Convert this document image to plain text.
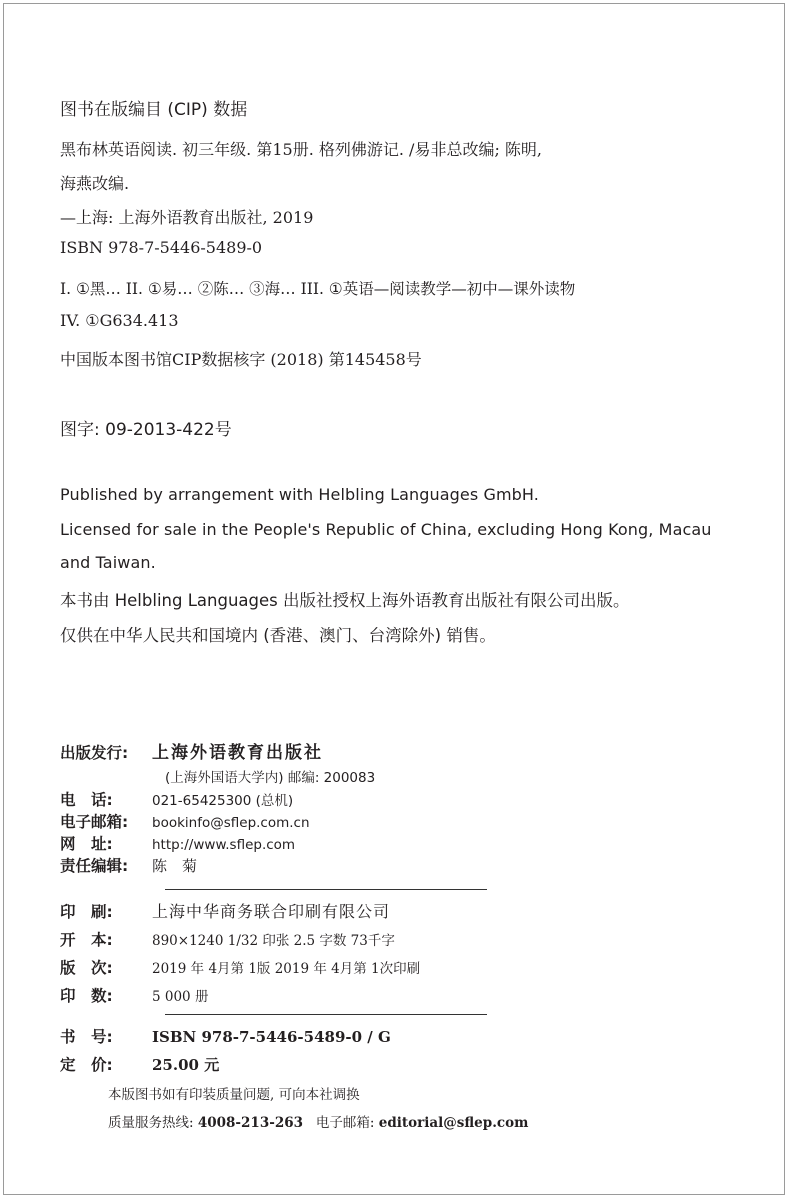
图书在版编目 (CIP) 数据
黑布林英语阅读. 初三年级. 第15册. 格列佛游记. /易非总改编; 陈明,
海燕改编.
—上海: 上海外语教育出版社, 2019
ISBN 978-7-5446-5489-0
I. ①黑… II. ①易… ②陈… ③海… III. ①英语—阅读教学—初中—课外读物
IV. ①G634.413
中国版本图书馆CIP数据核字 (2018) 第145458号
图字: 09-2013-422号
Published by arrangement with Helbling Languages GmbH.
Licensed for sale in the People's Republic of China, excluding Hong Kong, Macau
and Taiwan.
本书由 Helbling Languages 出版社授权上海外语教育出版社有限公司出版。
仅供在中华人民共和国境内 (香港、澳门、台湾除外) 销售。
出版发行: 上海外语教育出版社
(上海外国语大学内) 邮编: 200083
电　话:	021-65425300 (总机)
电子邮箱: bookinfo@sflep.com.cn
网　址:	http://www.sflep.com
责任编辑: 陈　菊
印　刷: 上海中华商务联合印刷有限公司
开　本:	890×1240 1/32 印张 2.5 字数 73千字
版　次:	2019 年 4月第 1版 2019 年 4月第 1次印刷
印　数:	5 000 册
书　号:	ISBN 978-7-5446-5489-0 / G
定　价:	25.00 元
本版图书如有印装质量问题, 可向本社调换
质量服务热线: 4008-213-263 电子邮箱: editorial@sflep.com
